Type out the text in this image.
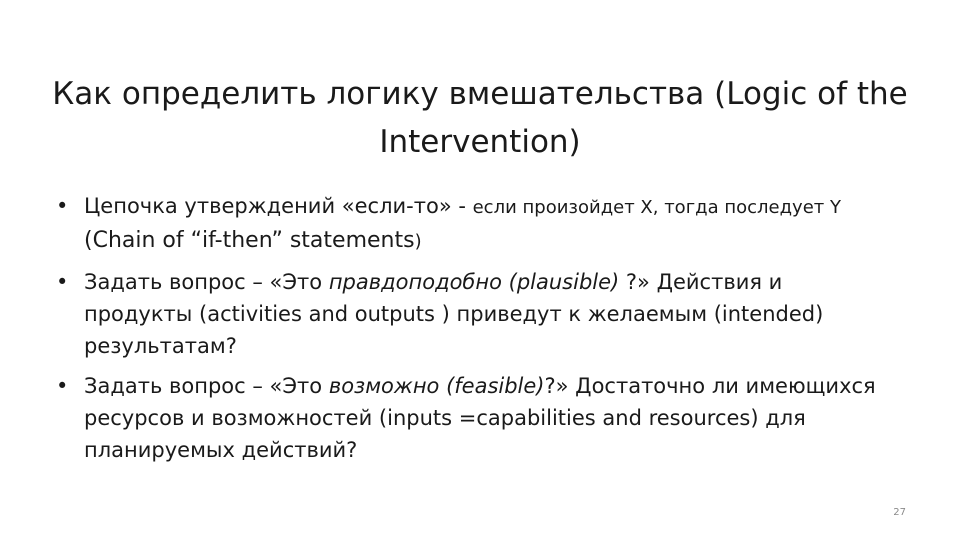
Как определить логику вмешательства (Logic of the Intervention)
• Цепочка утверждений «если-то» - если произойдет Х, тогда последует Y (Chain of “if-then” statements)
• Задать вопрос – «Это правдоподобно (plausible) ?» Действия и продукты (activities and outputs ) приведут к желаемым (intended) результатам?
• Задать вопрос – «Это возможно (feasible)?» Достаточно ли имеющихся ресурсов и возможностей (inputs =capabilities and resources) для планируемых действий?
27
